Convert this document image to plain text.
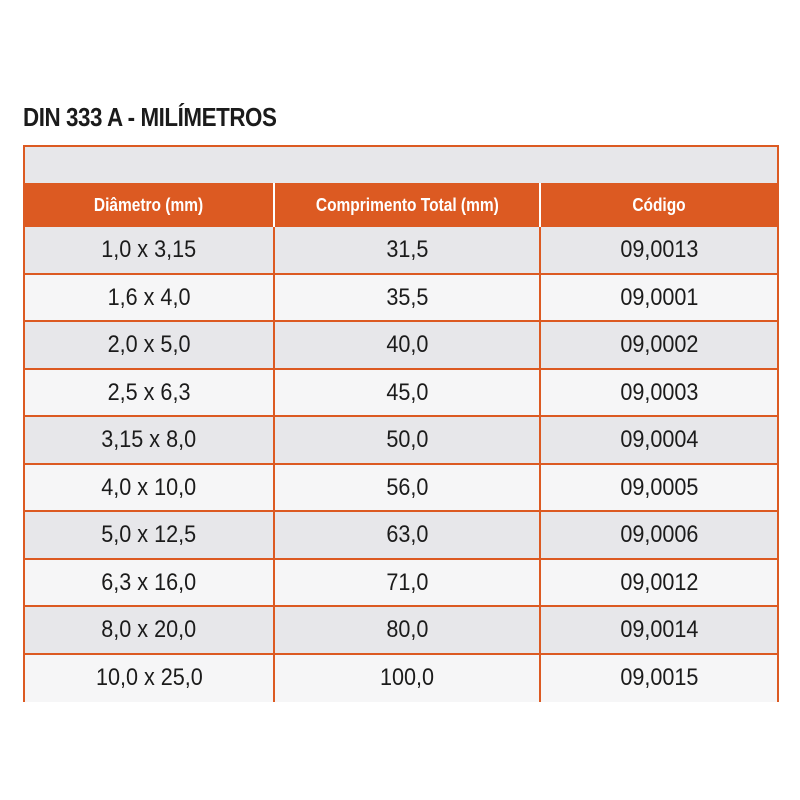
DIN 333 A - MILÍMETROS
Diâmetro (mm)	Comprimento Total (mm)	Código
1,0 x 3,15	31,5	09,0013
1,6 x 4,0	35,5	09,0001
2,0 x 5,0	40,0	09,0002
2,5 x 6,3	45,0	09,0003
3,15 x 8,0	50,0	09,0004
4,0 x 10,0	56,0	09,0005
5,0 x 12,5	63,0	09,0006
6,3 x 16,0	71,0	09,0012
8,0 x 20,0	80,0	09,0014
10,0 x 25,0	100,0	09,0015
